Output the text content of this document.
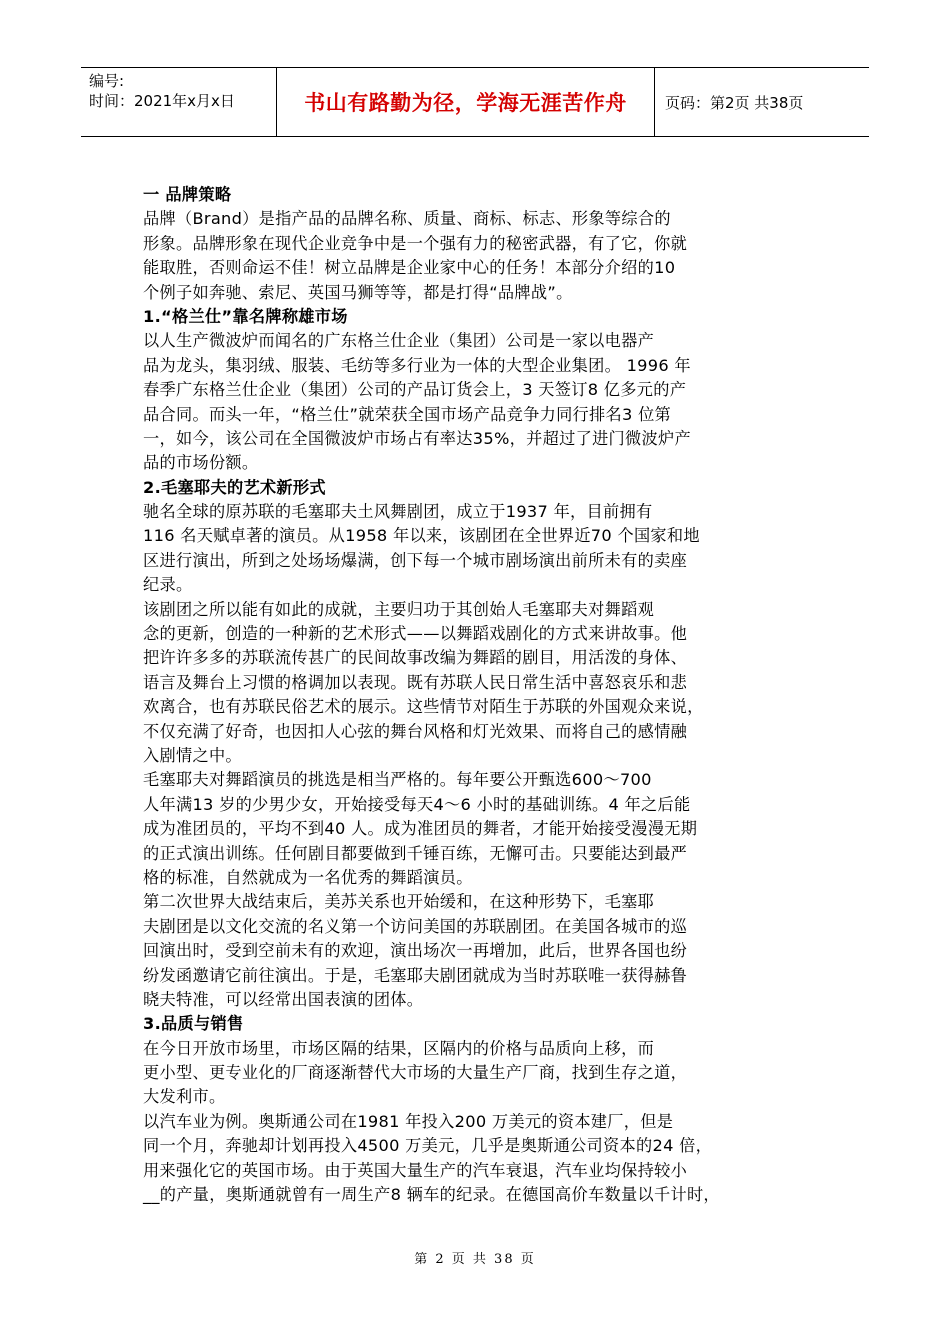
编号:
时间：2021年x月x日	书山有路勤为径，学海无涯苦作舟	页码：第2页 共38页
一 品牌策略
品牌（Brand）是指产品的品牌名称、质量、商标、标志、形象等综合的
形象。品牌形象在现代企业竞争中是一个强有力的秘密武器，有了它，你就
能取胜，否则命运不佳！树立品牌是企业家中心的任务！本部分介绍的10
个例子如奔驰、索尼、英国马狮等等，都是打得“品牌战”。
1.“格兰仕”靠名牌称雄市场
以人生产微波炉而闻名的广东格兰仕企业（集团）公司是一家以电器产
品为龙头，集羽绒、服装、毛纺等多行业为一体的大型企业集团。 1996 年
春季广东格兰仕企业（集团）公司的产品订货会上，3 天签订8 亿多元的产
品合同。而头一年，“格兰仕”就荣获全国市场产品竞争力同行排名3 位第
一，如今，该公司在全国微波炉市场占有率达35%，并超过了进门微波炉产
品的市场份额。
2.毛塞耶夫的艺术新形式
驰名全球的原苏联的毛塞耶夫土风舞剧团，成立于1937 年，目前拥有
116 名天赋卓著的演员。从1958 年以来，该剧团在全世界近70 个国家和地
区进行演出，所到之处场场爆满，创下每一个城市剧场演出前所未有的卖座
纪录。
该剧团之所以能有如此的成就，主要归功于其创始人毛塞耶夫对舞蹈观
念的更新，创造的一种新的艺术形式——以舞蹈戏剧化的方式来讲故事。他
把许许多多的苏联流传甚广的民间故事改编为舞蹈的剧目，用活泼的身体、
语言及舞台上习惯的格调加以表现。既有苏联人民日常生活中喜怒哀乐和悲
欢离合，也有苏联民俗艺术的展示。这些情节对陌生于苏联的外国观众来说，
不仅充满了好奇，也因扣人心弦的舞台风格和灯光效果、而将自己的感情融
入剧情之中。
毛塞耶夫对舞蹈演员的挑选是相当严格的。每年要公开甄选600～700
人年满13 岁的少男少女，开始接受每天4～6 小时的基础训练。4 年之后能
成为准团员的，平均不到40 人。成为准团员的舞者，才能开始接受漫漫无期
的正式演出训练。任何剧目都要做到千锤百练，无懈可击。只要能达到最严
格的标准，自然就成为一名优秀的舞蹈演员。
第二次世界大战结束后，美苏关系也开始缓和，在这种形势下，毛塞耶
夫剧团是以文化交流的名义第一个访问美国的苏联剧团。在美国各城市的巡
回演出时，受到空前未有的欢迎，演出场次一再增加，此后，世界各国也纷
纷发函邀请它前往演出。于是，毛塞耶夫剧团就成为当时苏联唯一获得赫鲁
晓夫特准，可以经常出国表演的团体。
3.品质与销售
在今日开放市场里，市场区隔的结果，区隔内的价格与品质向上移，而
更小型、更专业化的厂商逐渐替代大市场的大量生产厂商，找到生存之道，
大发利市。
以汽车业为例。奥斯通公司在1981 年投入200 万美元的资本建厂，但是
同一个月，奔驰却计划再投入4500 万美元，几乎是奥斯通公司资本的24 倍，
用来强化它的英国市场。由于英国大量生产的汽车衰退，汽车业均保持较小
__的产量，奥斯通就曾有一周生产8 辆车的纪录。在德国高价车数量以千计时，
第 2 页 共 38 页
